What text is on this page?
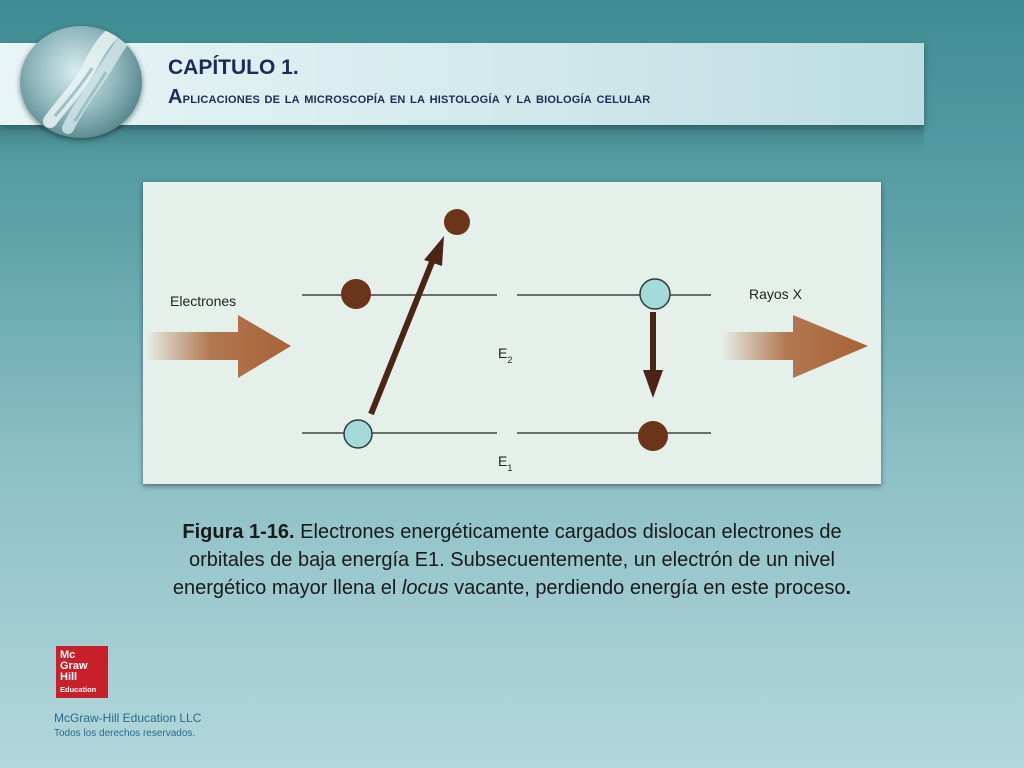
CAPÍTULO 1.
Aplicaciones de la microscopía en la histología y la biología celular
Electrones	Rayos X
$E_2$
$E_1$
Figura 1-16. Electrones energéticamente cargados dislocan electrones de orbitales de baja energía E1. Subsecuentemente, un electrón de un nivel energético mayor llena el locus vacante, perdiendo energía en este proceso.
Mc
Graw
Hill
Education
McGraw-Hill Education LLC
Todos los derechos reservados.
